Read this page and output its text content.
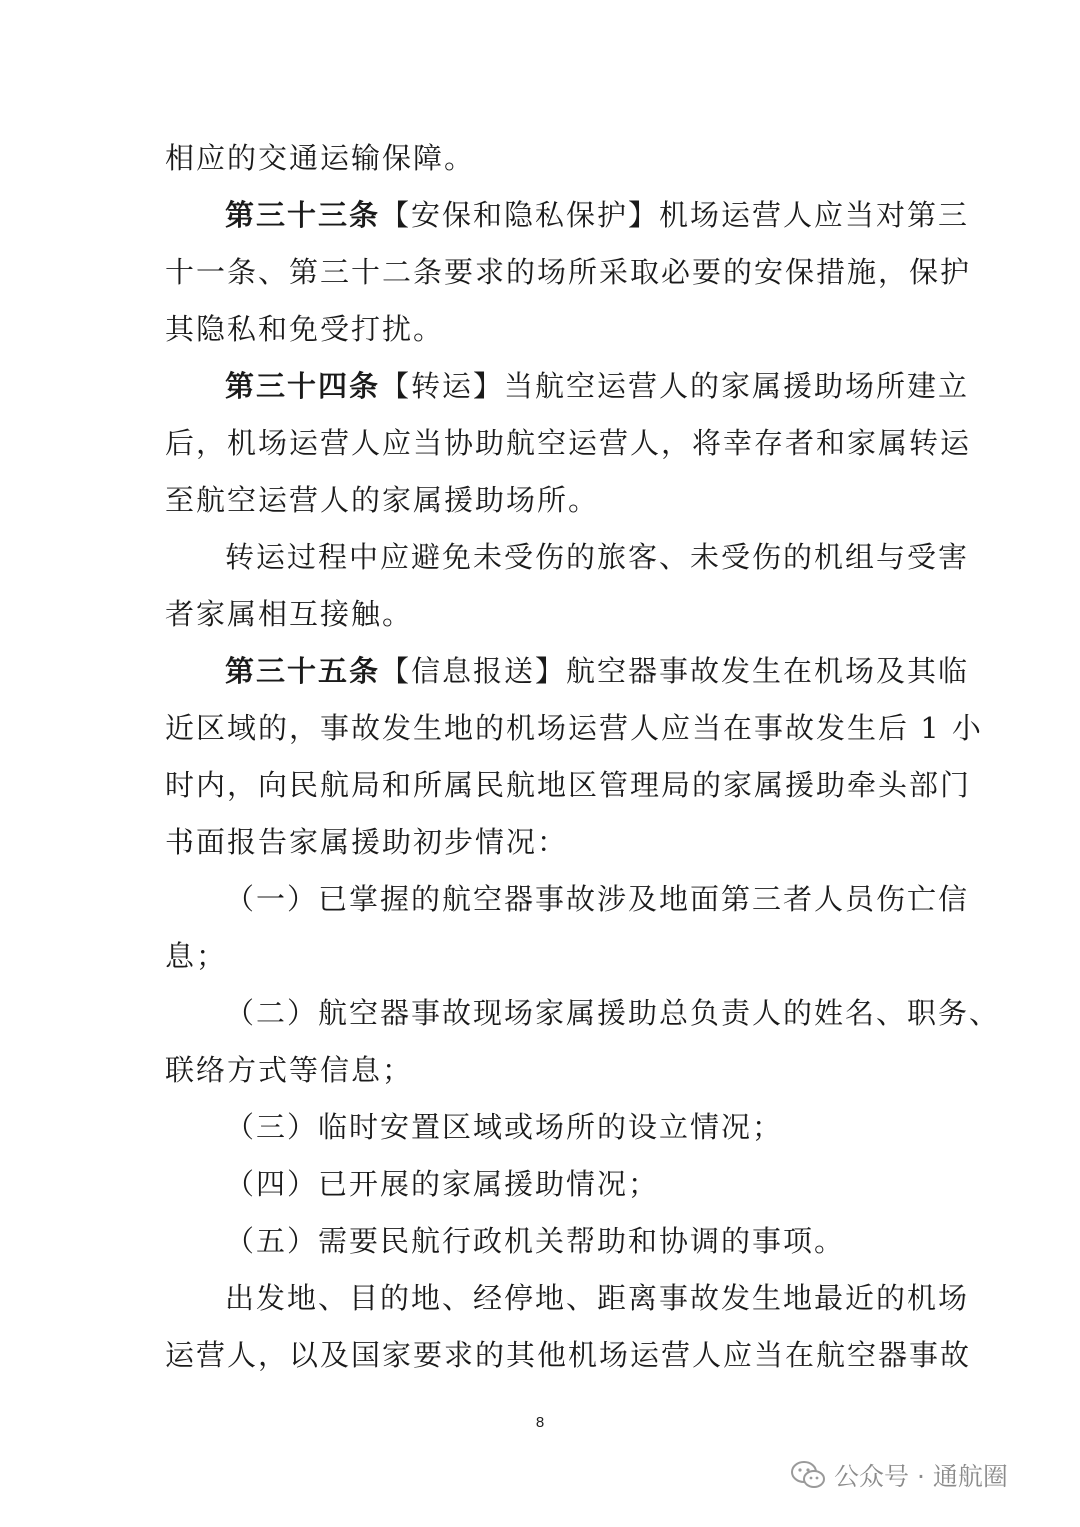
相应的交通运输保障。
第三十三条【安保和隐私保护】机场运营人应当对第三
十一条、第三十二条要求的场所采取必要的安保措施，保护
其隐私和免受打扰。
第三十四条【转运】当航空运营人的家属援助场所建立
后，机场运营人应当协助航空运营人，将幸存者和家属转运
至航空运营人的家属援助场所。
转运过程中应避免未受伤的旅客、未受伤的机组与受害
者家属相互接触。
第三十五条【信息报送】航空器事故发生在机场及其临
近区域的，事故发生地的机场运营人应当在事故发生后 1 小
时内，向民航局和所属民航地区管理局的家属援助牵头部门
书面报告家属援助初步情况：
（一）已掌握的航空器事故涉及地面第三者人员伤亡信
息；
（二）航空器事故现场家属援助总负责人的姓名、职务、
联络方式等信息；
（三）临时安置区域或场所的设立情况；
（四）已开展的家属援助情况；
（五）需要民航行政机关帮助和协调的事项。
出发地、目的地、经停地、距离事故发生地最近的机场
运营人，以及国家要求的其他机场运营人应当在航空器事故
8
公众号 · 通航圈
